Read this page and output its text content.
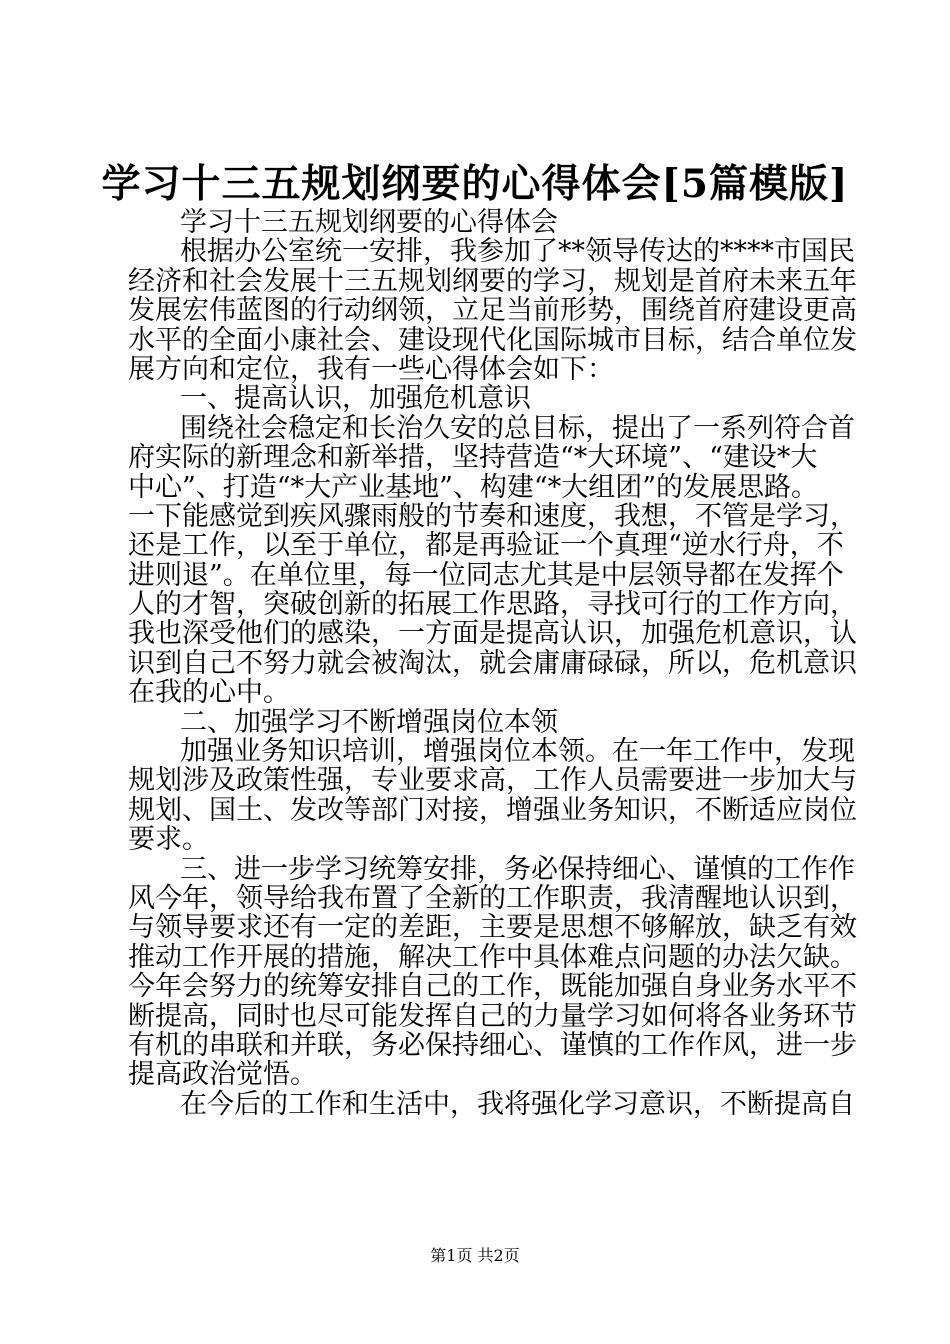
学习十三五规划纲要的心得体会[5篇模版]
学习十三五规划纲要的心得体会
根据办公室统一安排，我参加了**领导传达的****市国民
经济和社会发展十三五规划纲要的学习，规划是首府未来五年
发展宏伟蓝图的行动纲领，立足当前形势，围绕首府建设更高
水平的全面小康社会、建设现代化国际城市目标，结合单位发
展方向和定位，我有一些心得体会如下：
一、提高认识，加强危机意识
围绕社会稳定和长治久安的总目标，提出了一系列符合首
府实际的新理念和新举措，坚持营造“*大环境”、“建设*大
中心”、打造“*大产业基地”、构建“*大组团”的发展思路。
一下能感觉到疾风骤雨般的节奏和速度，我想，不管是学习，
还是工作，以至于单位，都是再验证一个真理“逆水行舟，不
进则退”。在单位里，每一位同志尤其是中层领导都在发挥个
人的才智，突破创新的拓展工作思路，寻找可行的工作方向，
我也深受他们的感染，一方面是提高认识，加强危机意识，认
识到自己不努力就会被淘汰，就会庸庸碌碌，所以，危机意识
在我的心中。
二、加强学习不断增强岗位本领
加强业务知识培训，增强岗位本领。在一年工作中，发现
规划涉及政策性强，专业要求高，工作人员需要进一步加大与
规划、国土、发改等部门对接，增强业务知识，不断适应岗位
要求。
三、进一步学习统筹安排，务必保持细心、谨慎的工作作
风今年，领导给我布置了全新的工作职责，我清醒地认识到，
与领导要求还有一定的差距，主要是思想不够解放，缺乏有效
推动工作开展的措施，解决工作中具体难点问题的办法欠缺。
今年会努力的统筹安排自己的工作，既能加强自身业务水平不
断提高，同时也尽可能发挥自己的力量学习如何将各业务环节
有机的串联和并联，务必保持细心、谨慎的工作作风，进一步
提高政治觉悟。
在今后的工作和生活中，我将强化学习意识，不断提高自
第1页 共2页
